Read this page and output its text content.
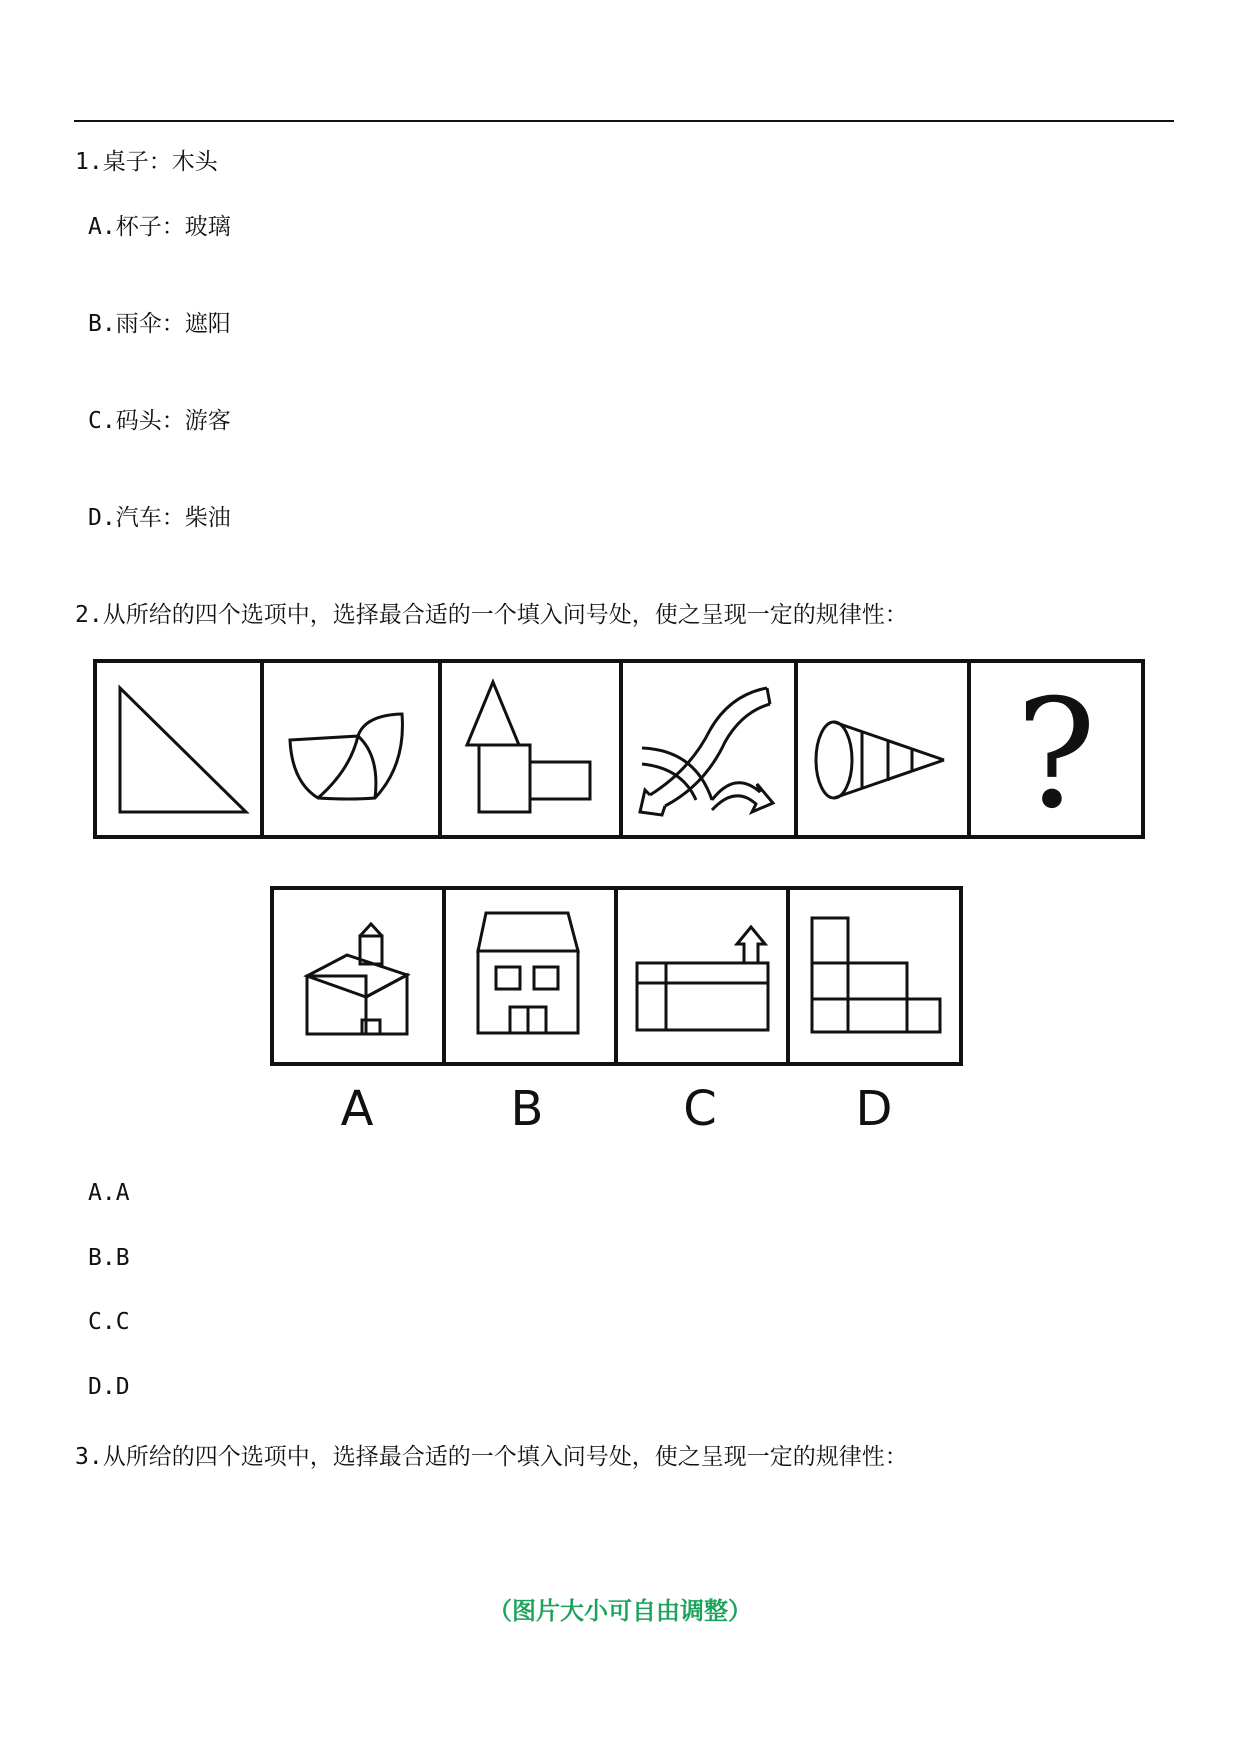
1.桌子：木头
A.杯子：玻璃
B.雨伞：遮阳
C.码头：游客
D.汽车：柴油
2.从所给的四个选项中，选择最合适的一个填入问号处，使之呈现一定的规律性：
?
A	B	C	D
A.A
B.B
C.C
D.D
3.从所给的四个选项中，选择最合适的一个填入问号处，使之呈现一定的规律性：
（图片大小可自由调整）
